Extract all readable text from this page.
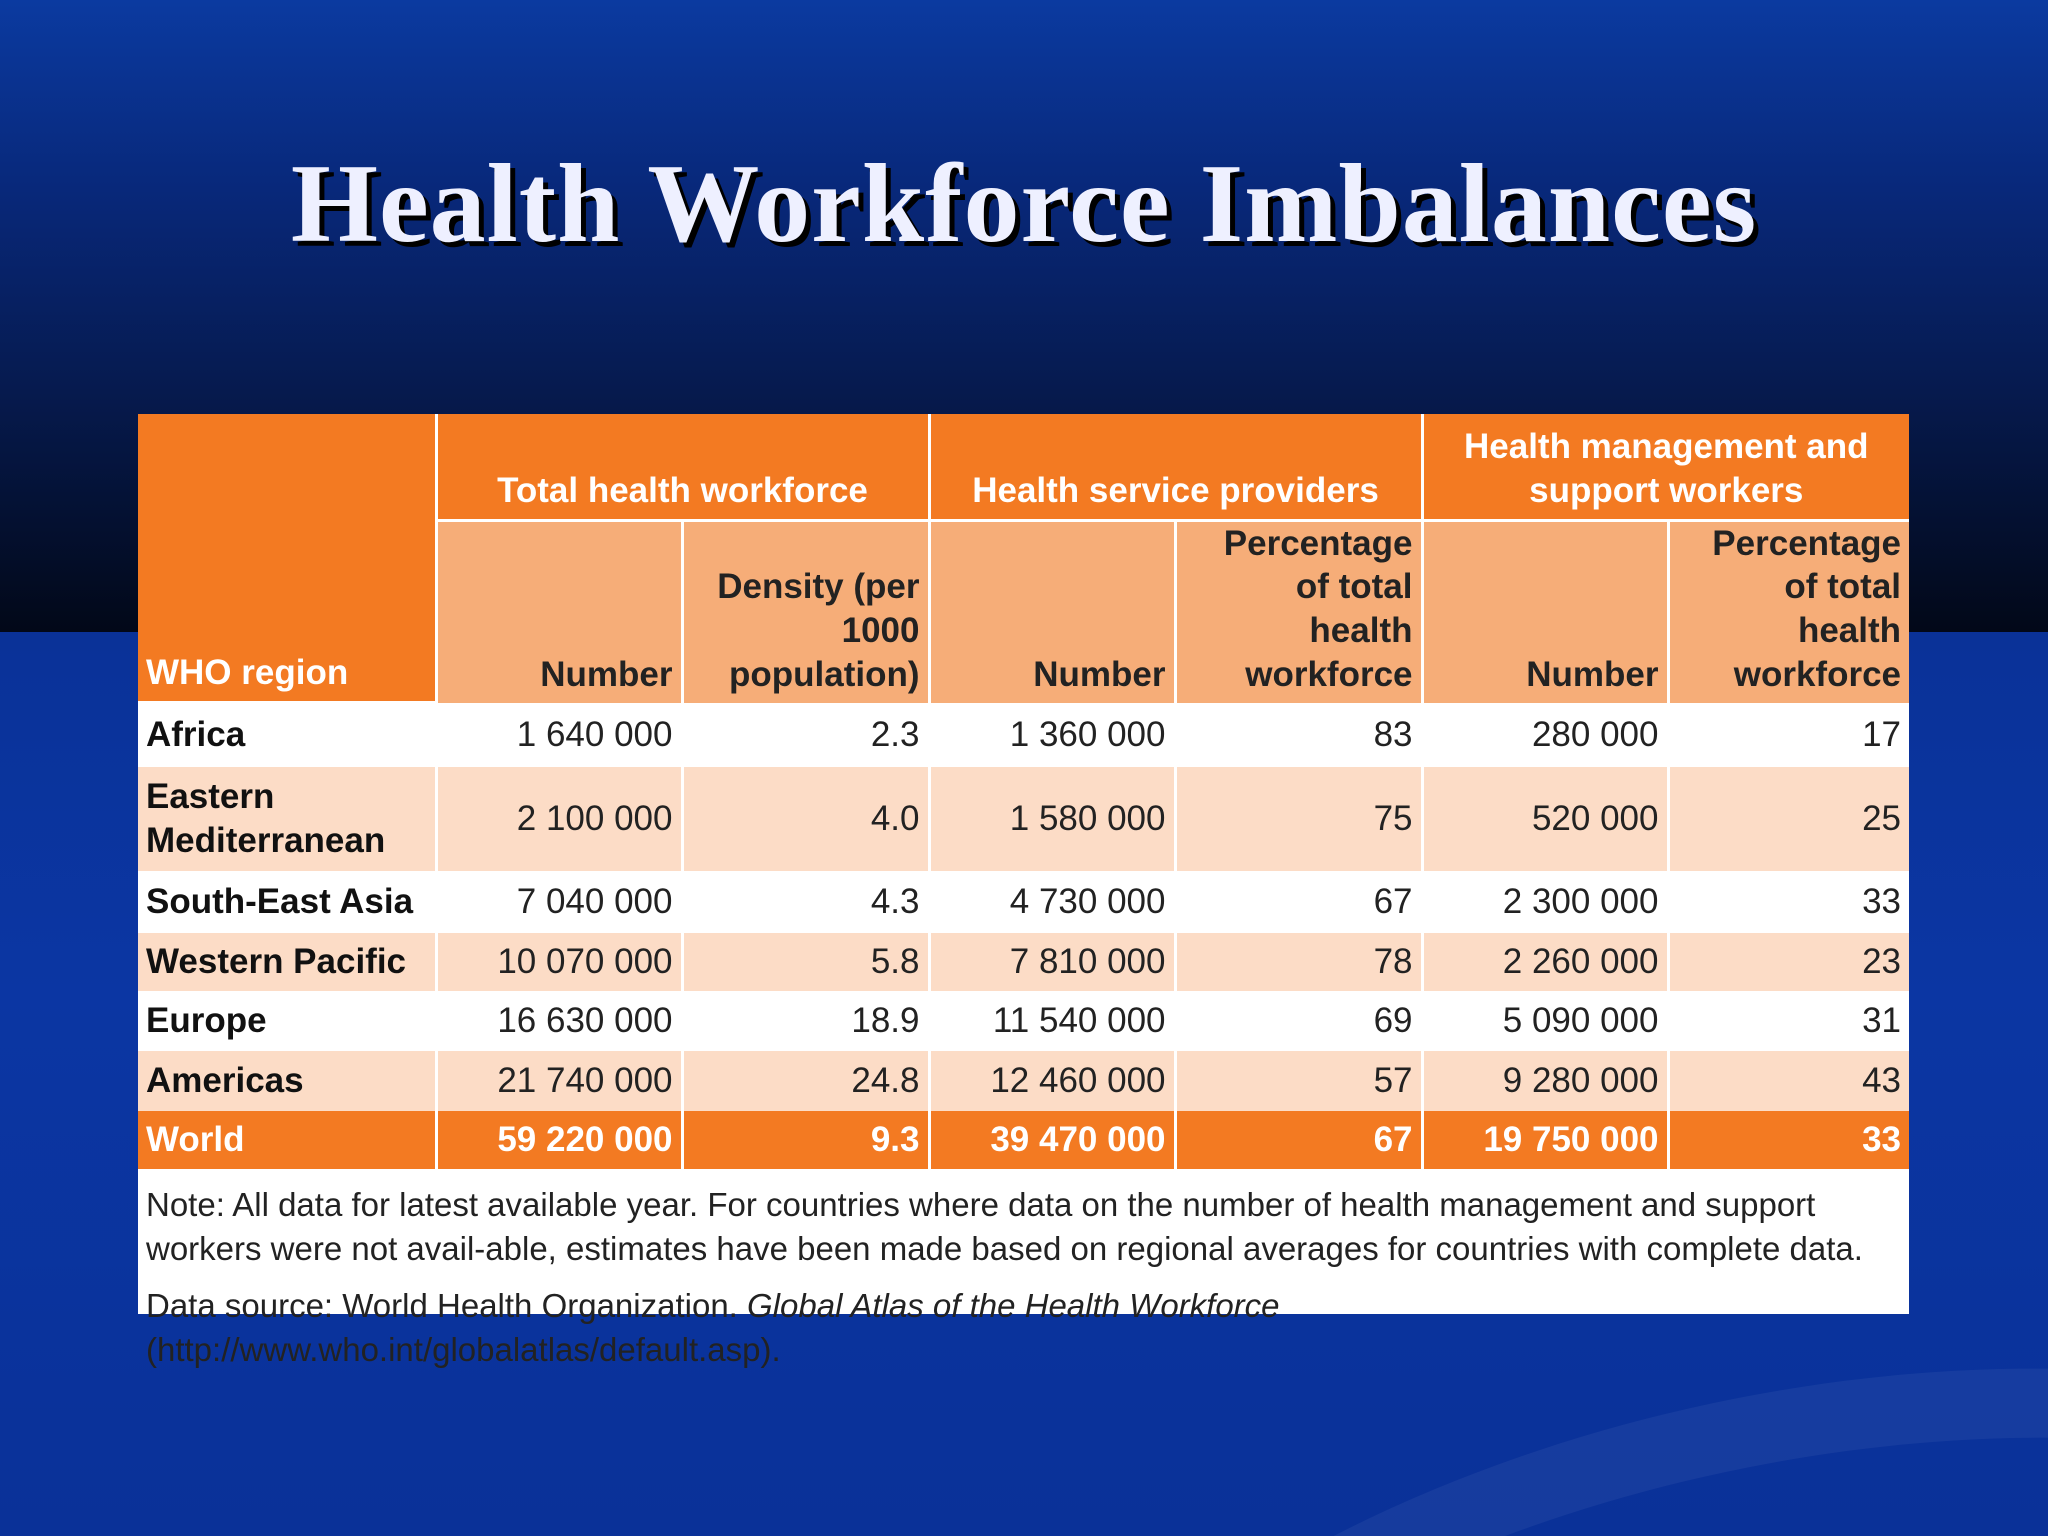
Health Workforce Imbalances
WHO region	Total health workforce		Health service providers		Health management and support workers	
	Number	Density (per 1000 population)	Number	Percentage of total health workforce	Number	Percentage of total health workforce
Africa	1 640 000	2.3	1 360 000	83	280 000	17
Eastern Mediterranean	2 100 000	4.0	1 580 000	75	520 000	25
South-East Asia	7 040 000	4.3	4 730 000	67	2 300 000	33
Western Pacific	10 070 000	5.8	7 810 000	78	2 260 000	23
Europe	16 630 000	18.9	11 540 000	69	5 090 000	31
Americas	21 740 000	24.8	12 460 000	57	9 280 000	43
World	59 220 000	9.3	39 470 000	67	19 750 000	33

Note: All data for latest available year. For countries where data on the number of health management and support workers were not avail-able, estimates have been made based on regional averages for countries with complete data.

Data source: World Health Organization. Global Atlas of the Health Workforce (http://www.who.int/globalatlas/default.asp).
